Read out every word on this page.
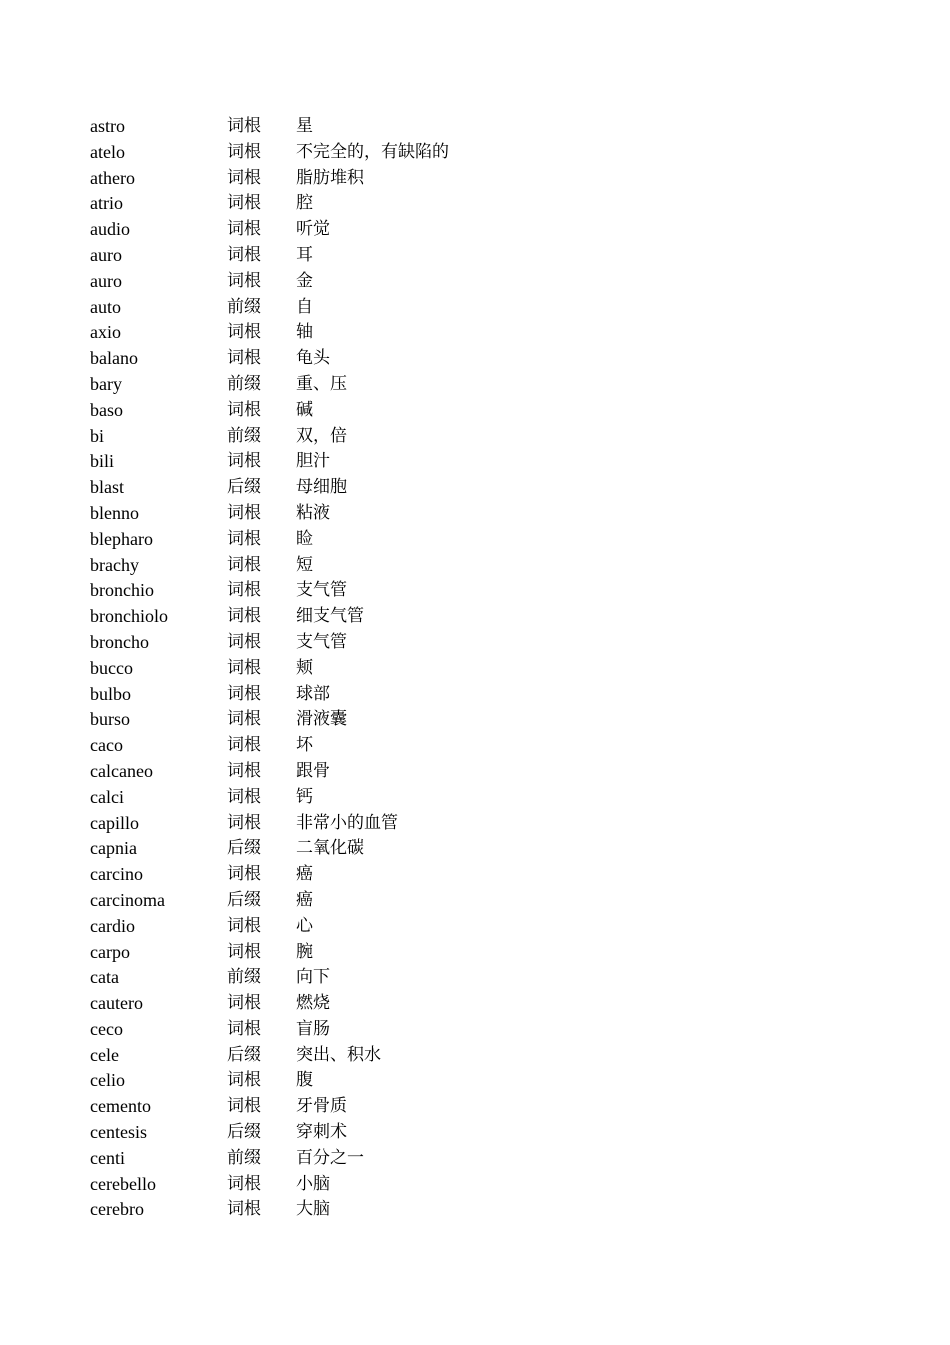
astro	词根	星
atelo	词根	不完全的，有缺陷的
athero	词根	脂肪堆积
atrio	词根	腔
audio	词根	听觉
auro	词根	耳
auro	词根	金
auto	前缀	自
axio	词根	轴
balano	词根	龟头
bary	前缀	重、压
baso	词根	碱
bi	前缀	双，倍
bili	词根	胆汁
blast	后缀	母细胞
blenno	词根	粘液
blepharo	词根	睑
brachy	词根	短
bronchio	词根	支气管
bronchiolo	词根	细支气管
broncho	词根	支气管
bucco	词根	颊
bulbo	词根	球部
burso	词根	滑液囊
caco	词根	坏
calcaneo	词根	跟骨
calci	词根	钙
capillo	词根	非常小的血管
capnia	后缀	二氧化碳
carcino	词根	癌
carcinoma	后缀	癌
cardio	词根	心
carpo	词根	腕
cata	前缀	向下
cautero	词根	燃烧
ceco	词根	盲肠
cele	后缀	突出、积水
celio	词根	腹
cemento	词根	牙骨质
centesis	后缀	穿刺术
centi	前缀	百分之一
cerebello	词根	小脑
cerebro	词根	大脑
